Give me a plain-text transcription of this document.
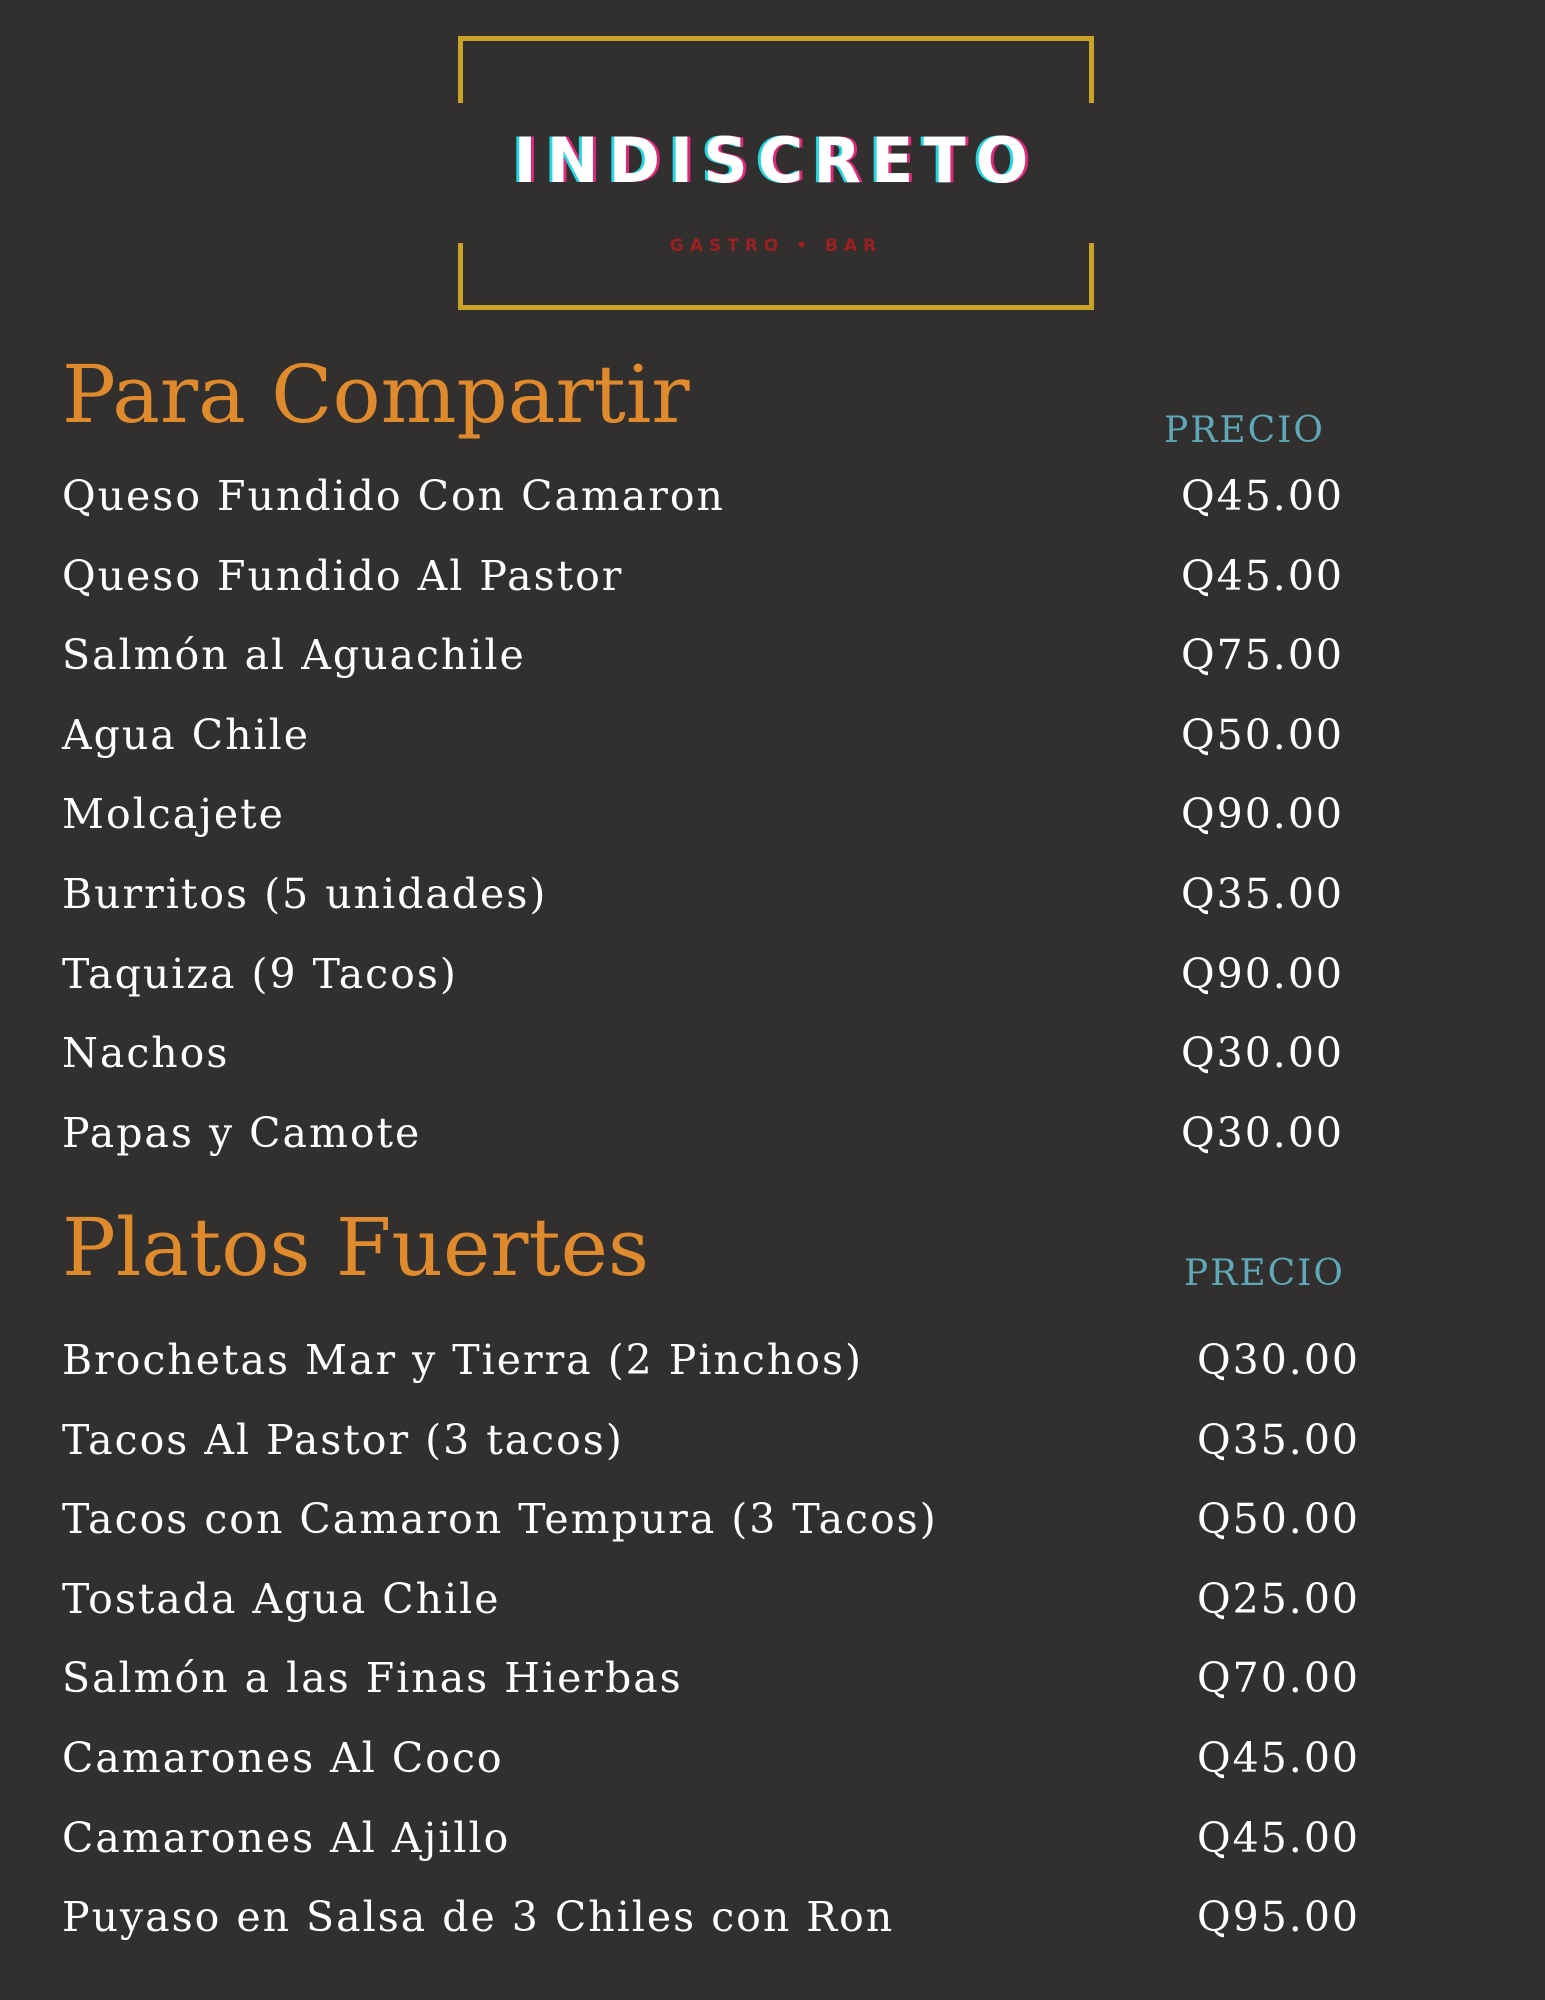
INDISCRETO
GASTRO • BAR
Para Compartir	PRECIO
Queso Fundido Con Camaron	Q45.00
Queso Fundido Al Pastor	Q45.00
Salmón al Aguachile	Q75.00
Agua Chile	Q50.00
Molcajete	Q90.00
Burritos (5 unidades)	Q35.00
Taquiza (9 Tacos)	Q90.00
Nachos	Q30.00
Papas y Camote	Q30.00
Platos Fuertes	PRECIO
Brochetas Mar y Tierra (2 Pinchos)	Q30.00
Tacos Al Pastor (3 tacos)	Q35.00
Tacos con Camaron Tempura (3 Tacos)	Q50.00
Tostada Agua Chile	Q25.00
Salmón a las Finas Hierbas	Q70.00
Camarones Al Coco	Q45.00
Camarones Al Ajillo	Q45.00
Puyaso en Salsa de 3 Chiles con Ron	Q95.00
